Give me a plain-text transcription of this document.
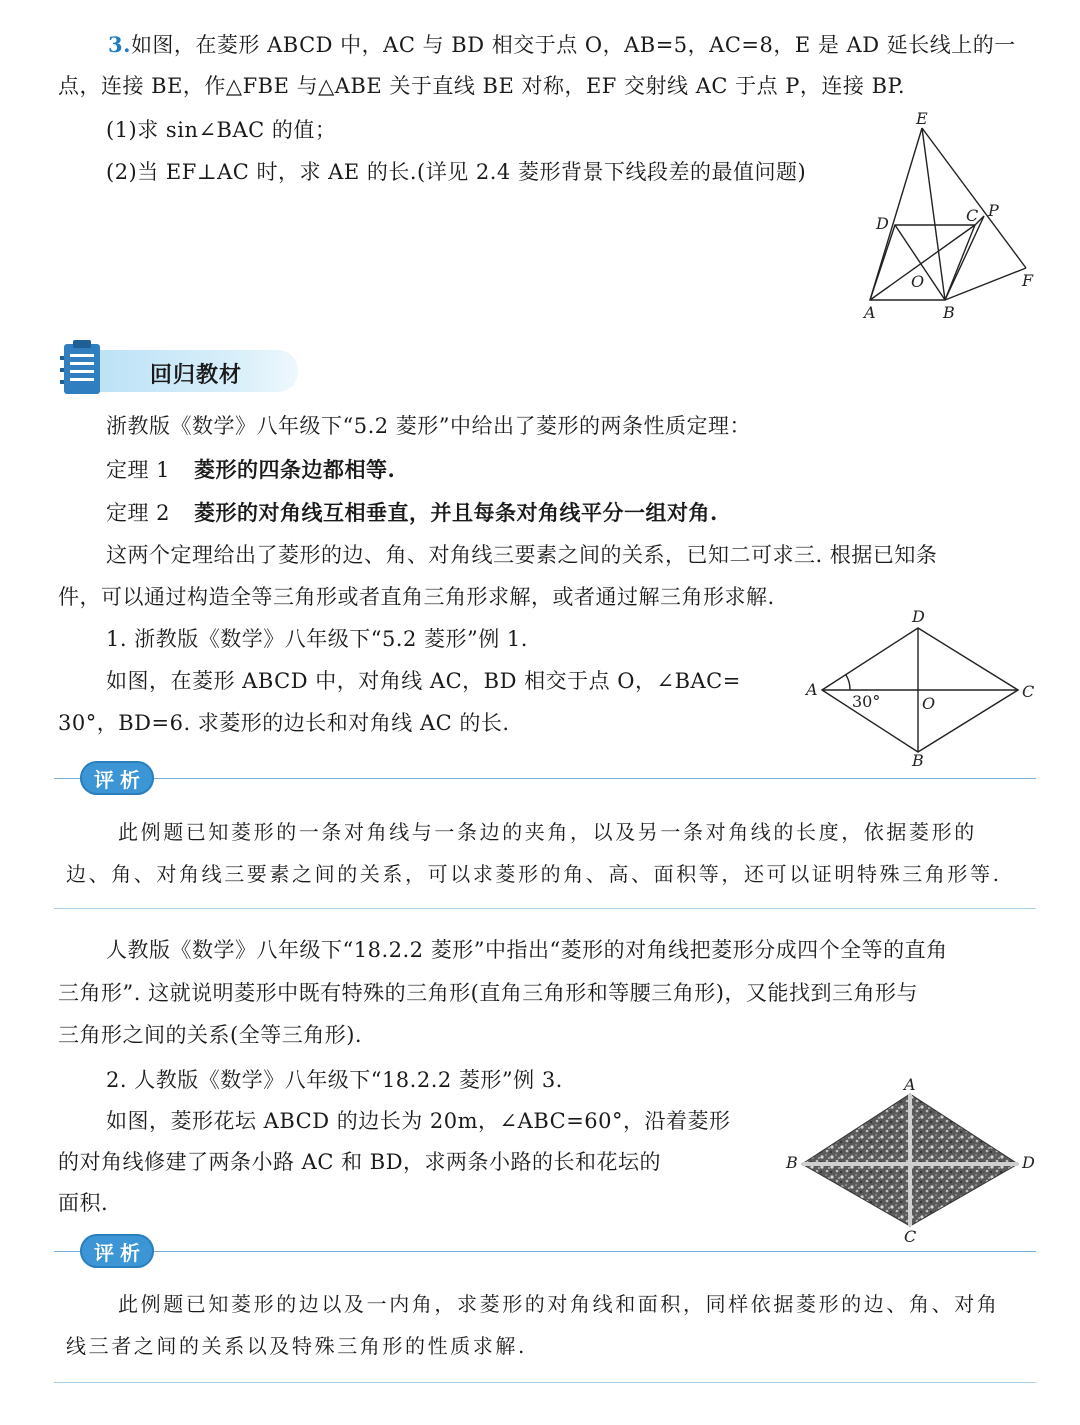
3.如图，在菱形 ABCD 中，AC 与 BD 相交于点 O，AB=5，AC=8，E 是 AD 延长线上的一
点，连接 BE，作△FBE 与△ABE 关于直线 BE 对称，EF 交射线 AC 于点 P，连接 BP.
(1)求 sin∠BAC 的值；
(2)当 EF⊥AC 时，求 AE 的长.(详见 2.4 菱形背景下线段差的最值问题)
E
D	C P
O	F
A	B
回归教材
浙教版《数学》八年级下“5.2 菱形”中给出了菱形的两条性质定理：
定理 1 菱形的四条边都相等.
定理 2 菱形的对角线互相垂直，并且每条对角线平分一组对角.
这两个定理给出了菱形的边、角、对角线三要素之间的关系，已知二可求三. 根据已知条
件，可以通过构造全等三角形或者直角三角形求解，或者通过解三角形求解.
1. 浙教版《数学》八年级下“5.2 菱形”例 1.
如图，在菱形 ABCD 中，对角线 AC，BD 相交于点 O，∠BAC=
30°，BD=6. 求菱形的边长和对角线 AC 的长.
D
A
30°	O
C
B
评析
此例题已知菱形的一条对角线与一条边的夹角，以及另一条对角线的长度，依据菱形的
边、角、对角线三要素之间的关系，可以求菱形的角、高、面积等，还可以证明特殊三角形等.
人教版《数学》八年级下“18.2.2 菱形”中指出“菱形的对角线把菱形分成四个全等的直角
三角形”. 这就说明菱形中既有特殊的三角形(直角三角形和等腰三角形)，又能找到三角形与
三角形之间的关系(全等三角形).
2. 人教版《数学》八年级下“18.2.2 菱形”例 3.
如图，菱形花坛 ABCD 的边长为 20m，∠ABC=60°，沿着菱形
的对角线修建了两条小路 AC 和 BD，求两条小路的长和花坛的
面积.
A
B	D
C
评析
此例题已知菱形的边以及一内角，求菱形的对角线和面积，同样依据菱形的边、角、对角
线三者之间的关系以及特殊三角形的性质求解.
